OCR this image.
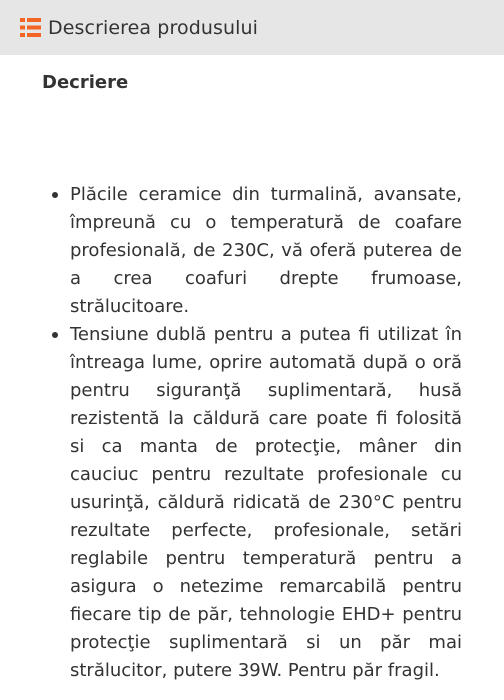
Descrierea produsului
Decriere
Plăcile ceramice din turmalină, avansate, împreună cu o temperatură de coafare profesională, de 230C, vă oferă puterea de a crea coafuri drepte frumoase, strălucitoare.
Tensiune dublă pentru a putea fi utilizat în întreaga lume, oprire automată după o oră pentru siguranţă suplimentară, husă rezistentă la căldură care poate fi folosită si ca manta de protecţie, mâner din cauciuc pentru rezultate profesionale cu usurinţă, căldură ridicată de 230°C pentru rezultate perfecte, profesionale, setări reglabile pentru temperatură pentru a asigura o netezime remarcabilă pentru fiecare tip de păr, tehnologie EHD+ pentru protecţie suplimentară si un păr mai strălucitor, putere 39W. Pentru păr fragil.
